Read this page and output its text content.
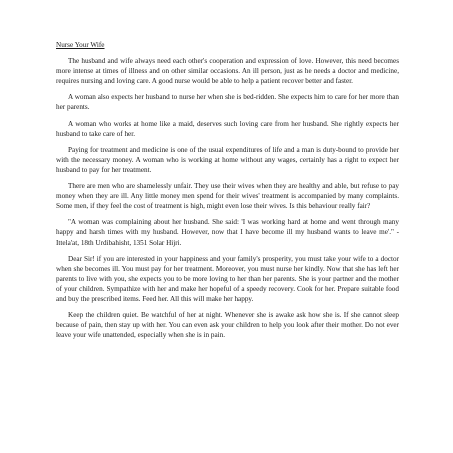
Nurse Your Wife

The husband and wife always need each other's cooperation and expression of love. However, this need becomes more intense at times of illness and on other similar occasions. An ill person, just as he needs a doctor and medicine, requires nursing and loving care. A good nurse would be able to help a patient recover better and faster.

A woman also expects her husband to nurse her when she is bed-ridden. She expects him to care for her more than her parents.

A woman who works at home like a maid, deserves such loving care from her husband. She rightly expects her husband to take care of her.

Paying for treatment and medicine is one of the usual expenditures of life and a man is duty-bound to provide her with the necessary money. A woman who is working at home without any wages, certainly has a right to expect her husband to pay for her treatment.

There are men who are shamelessly unfair. They use their wives when they are healthy and able, but refuse to pay money when they are ill. Any little money men spend for their wives' treatment is accompanied by many complaints. Some men, if they feel the cost of treatment is high, might even lose their wives. Is this behaviour really fair?

"A woman was complaining about her husband. She said: 'I was working hard at home and went through many happy and harsh times with my husband. However, now that I have become ill my husband wants to leave me'." -Ittela'at, 18th Urdibahisht, 1351 Solar Hijri.

Dear Sir! if you are interested in your happiness and your family's prosperity, you must take your wife to a doctor when she becomes ill. You must pay for her treatment. Moreover, you must nurse her kindly. Now that she has left her parents to live with you, she expects you to be more loving to her than her parents. She is your partner and the mother of your children. Sympathize with her and make her hopeful of a speedy recovery. Cook for her. Prepare suitable food and buy the prescribed items. Feed her. All this will make her happy.

Keep the children quiet. Be watchful of her at night. Whenever she is awake ask how she is. If she cannot sleep because of pain, then stay up with her. You can even ask your children to help you look after their mother. Do not ever leave your wife unattended, especially when she is in pain.
